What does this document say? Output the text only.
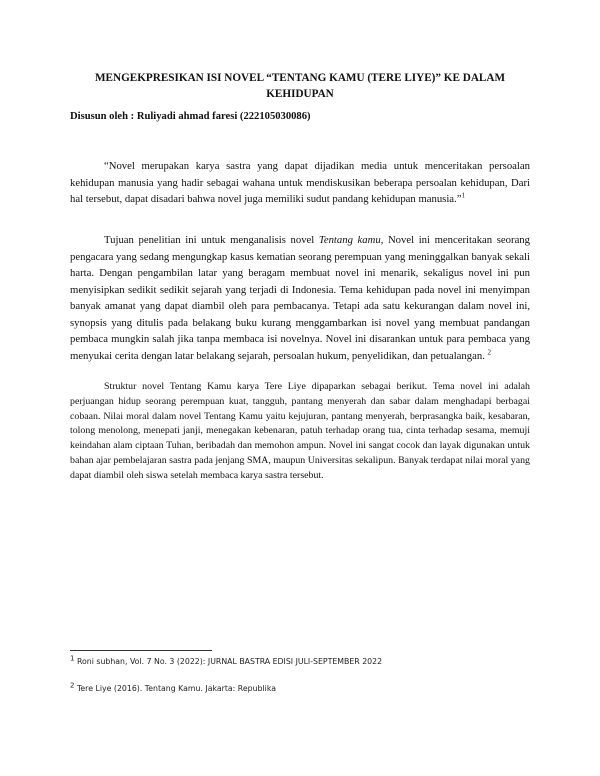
MENGEKPRESIKAN ISI NOVEL “TENTANG KAMU (TERE LIYE)” KE DALAM KEHIDUPAN
Disusun oleh : Ruliyadi ahmad faresi (222105030086)

“Novel merupakan karya sastra yang dapat dijadikan media untuk menceritakan persoalan kehidupan manusia yang hadir sebagai wahana untuk mendiskusikan beberapa persoalan kehidupan, Dari hal tersebut, dapat disadari bahwa novel juga memiliki sudut pandang kehidupan manusia.”$^1$

Tujuan penelitian ini untuk menganalisis novel Tentang kamu, Novel ini menceritakan seorang pengacara yang sedang mengungkap kasus kematian seorang perempuan yang meninggalkan banyak sekali harta. Dengan pengambilan latar yang beragam membuat novel ini menarik, sekaligus novel ini pun menyisipkan sedikit sedikit sejarah yang terjadi di Indonesia. Tema kehidupan pada novel ini menyimpan banyak amanat yang dapat diambil oleh para pembacanya. Tetapi ada satu kekurangan dalam novel ini, synopsis yang ditulis pada belakang buku kurang menggambarkan isi novel yang membuat pandangan pembaca mungkin salah jika tanpa membaca isi novelnya. Novel ini disarankan untuk para pembaca yang menyukai cerita dengan latar belakang sejarah, persoalan hukum, penyelidikan, dan petualangan. $^2$

Struktur novel Tentang Kamu karya Tere Liye dipaparkan sebagai berikut. Tema novel ini adalah perjuangan hidup seorang perempuan kuat, tangguh, pantang menyerah dan sabar dalam menghadapi berbagai cobaan. Nilai moral dalam novel Tentang Kamu yaitu kejujuran, pantang menyerah, berprasangka baik, kesabaran, tolong menolong, menepati janji, menegakan kebenaran, patuh terhadap orang tua, cinta terhadap sesama, memuji keindahan alam ciptaan Tuhan, beribadah dan memohon ampun. Novel ini sangat cocok dan layak digunakan untuk bahan ajar pembelajaran sastra pada jenjang SMA, maupun Universitas sekalipun. Banyak terdapat nilai moral yang dapat diambil oleh siswa setelah membaca karya sastra tersebut.

$^1$ Roni subhan, Vol. 7 No. 3 (2022): JURNAL BASTRA EDISI JULI-SEPTEMBER 2022
$^2$ Tere Liye (2016). Tentang Kamu. Jakarta: Republika
